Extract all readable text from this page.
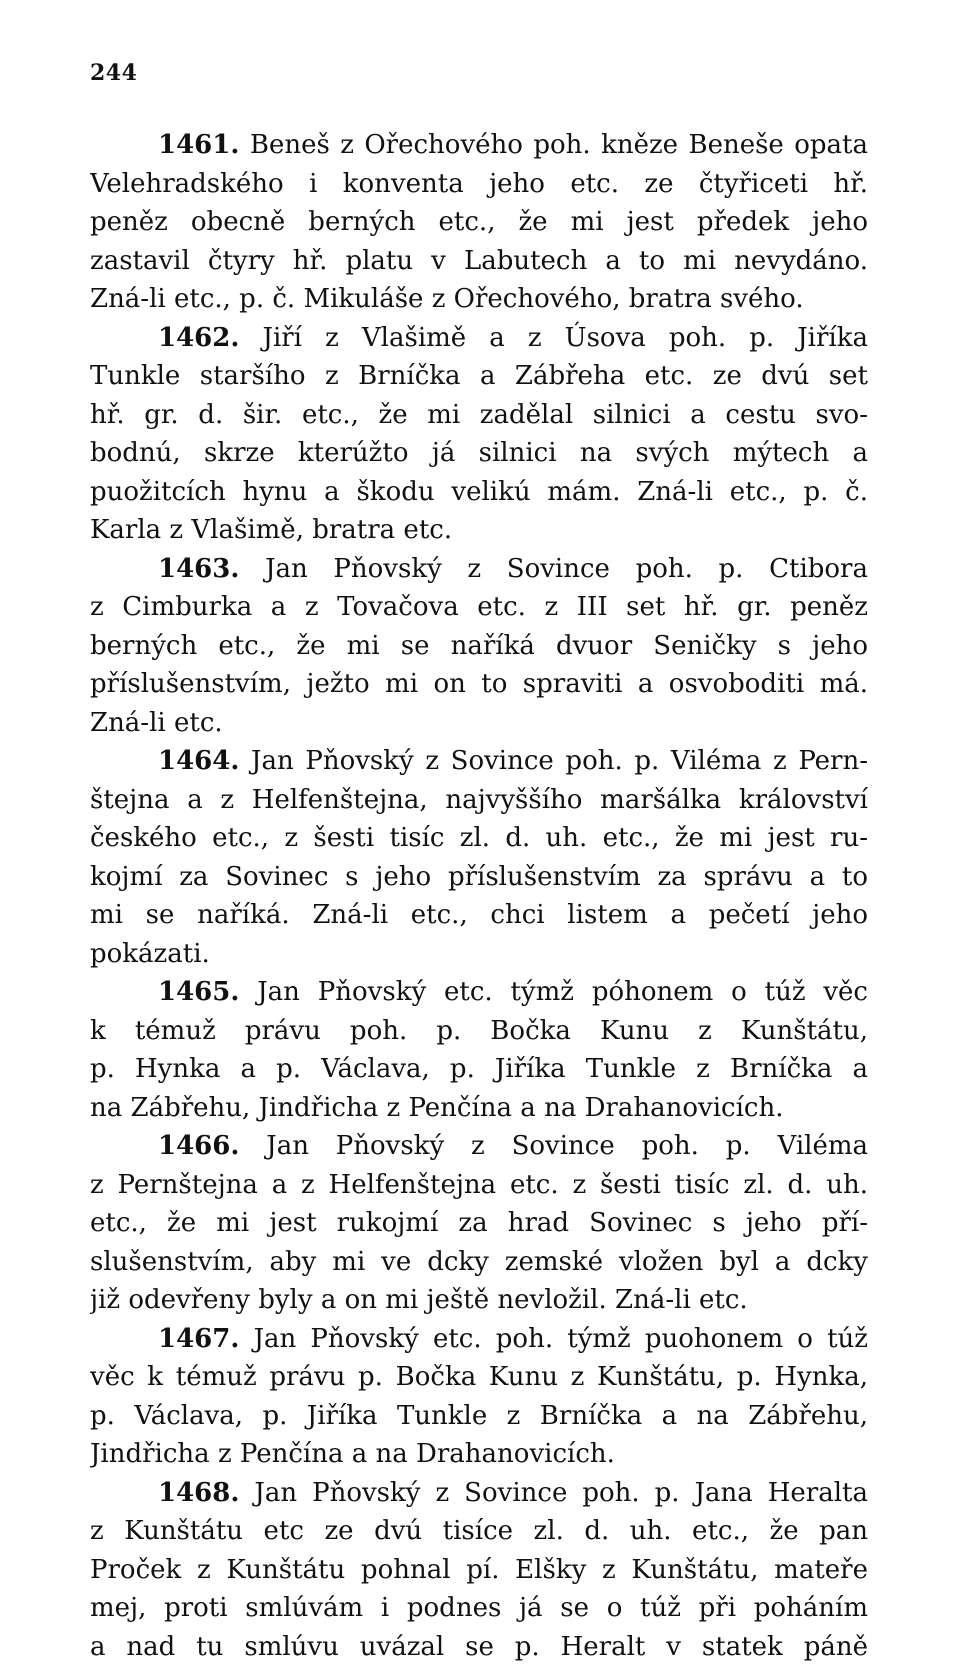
244
1461. Beneš z Ořechového poh. kněze Beneše opata
Velehradského i konventa jeho etc. ze čtyřiceti hř.
peněz obecně berných etc., že mi jest předek jeho
zastavil čtyry hř. platu v Labutech a to mi nevydáno.
Zná-li etc., p. č. Mikuláše z Ořechového, bratra svého.
1462. Jiří z Vlašimě a z Úsova poh. p. Jiříka
Tunkle staršího z Brníčka a Zábřeha etc. ze dvú set
hř. gr. d. šir. etc., že mi zadělal silnici a cestu svo-
bodnú, skrze kterúžto já silnici na svých mýtech a
puožitcích hynu a škodu velikú mám. Zná-li etc., p. č.
Karla z Vlašimě, bratra etc.
1463. Jan Pňovský z Sovince poh. p. Ctibora
z Cimburka a z Tovačova etc. z III set hř. gr. peněz
berných etc., že mi se naříká dvuor Seničky s jeho
příslušenstvím, ježto mi on to spraviti a osvoboditi má.
Zná-li etc.
1464. Jan Pňovský z Sovince poh. p. Viléma z Pern-
štejna a z Helfenštejna, najvyššího maršálka království
českého etc., z šesti tisíc zl. d. uh. etc., že mi jest ru-
kojmí za Sovinec s jeho příslušenstvím za správu a to
mi se naříká. Zná-li etc., chci listem a pečetí jeho
pokázati.
1465. Jan Pňovský etc. týmž póhonem o túž věc
k témuž právu poh. p. Bočka Kunu z Kunštátu,
p. Hynka a p. Václava, p. Jiříka Tunkle z Brníčka a
na Zábřehu, Jindřicha z Penčína a na Drahanovicích.
1466. Jan Pňovský z Sovince poh. p. Viléma
z Pernštejna a z Helfenštejna etc. z šesti tisíc zl. d. uh.
etc., že mi jest rukojmí za hrad Sovinec s jeho pří-
slušenstvím, aby mi ve dcky zemské vložen byl a dcky
již odevřeny byly a on mi ještě nevložil. Zná-li etc.
1467. Jan Pňovský etc. poh. týmž puohonem o túž
věc k témuž právu p. Bočka Kunu z Kunštátu, p. Hynka,
p. Václava, p. Jiříka Tunkle z Brníčka a na Zábřehu,
Jindřicha z Penčína a na Drahanovicích.
1468. Jan Pňovský z Sovince poh. p. Jana Heralta
z Kunštátu etc ze dvú tisíce zl. d. uh. etc., že pan
Proček z Kunštátu pohnal pí. Elšky z Kunštátu, mateře
mej, proti smlúvám i podnes já se o túž při poháním
a nad tu smlúvu uvázal se p. Heralt v statek páně
